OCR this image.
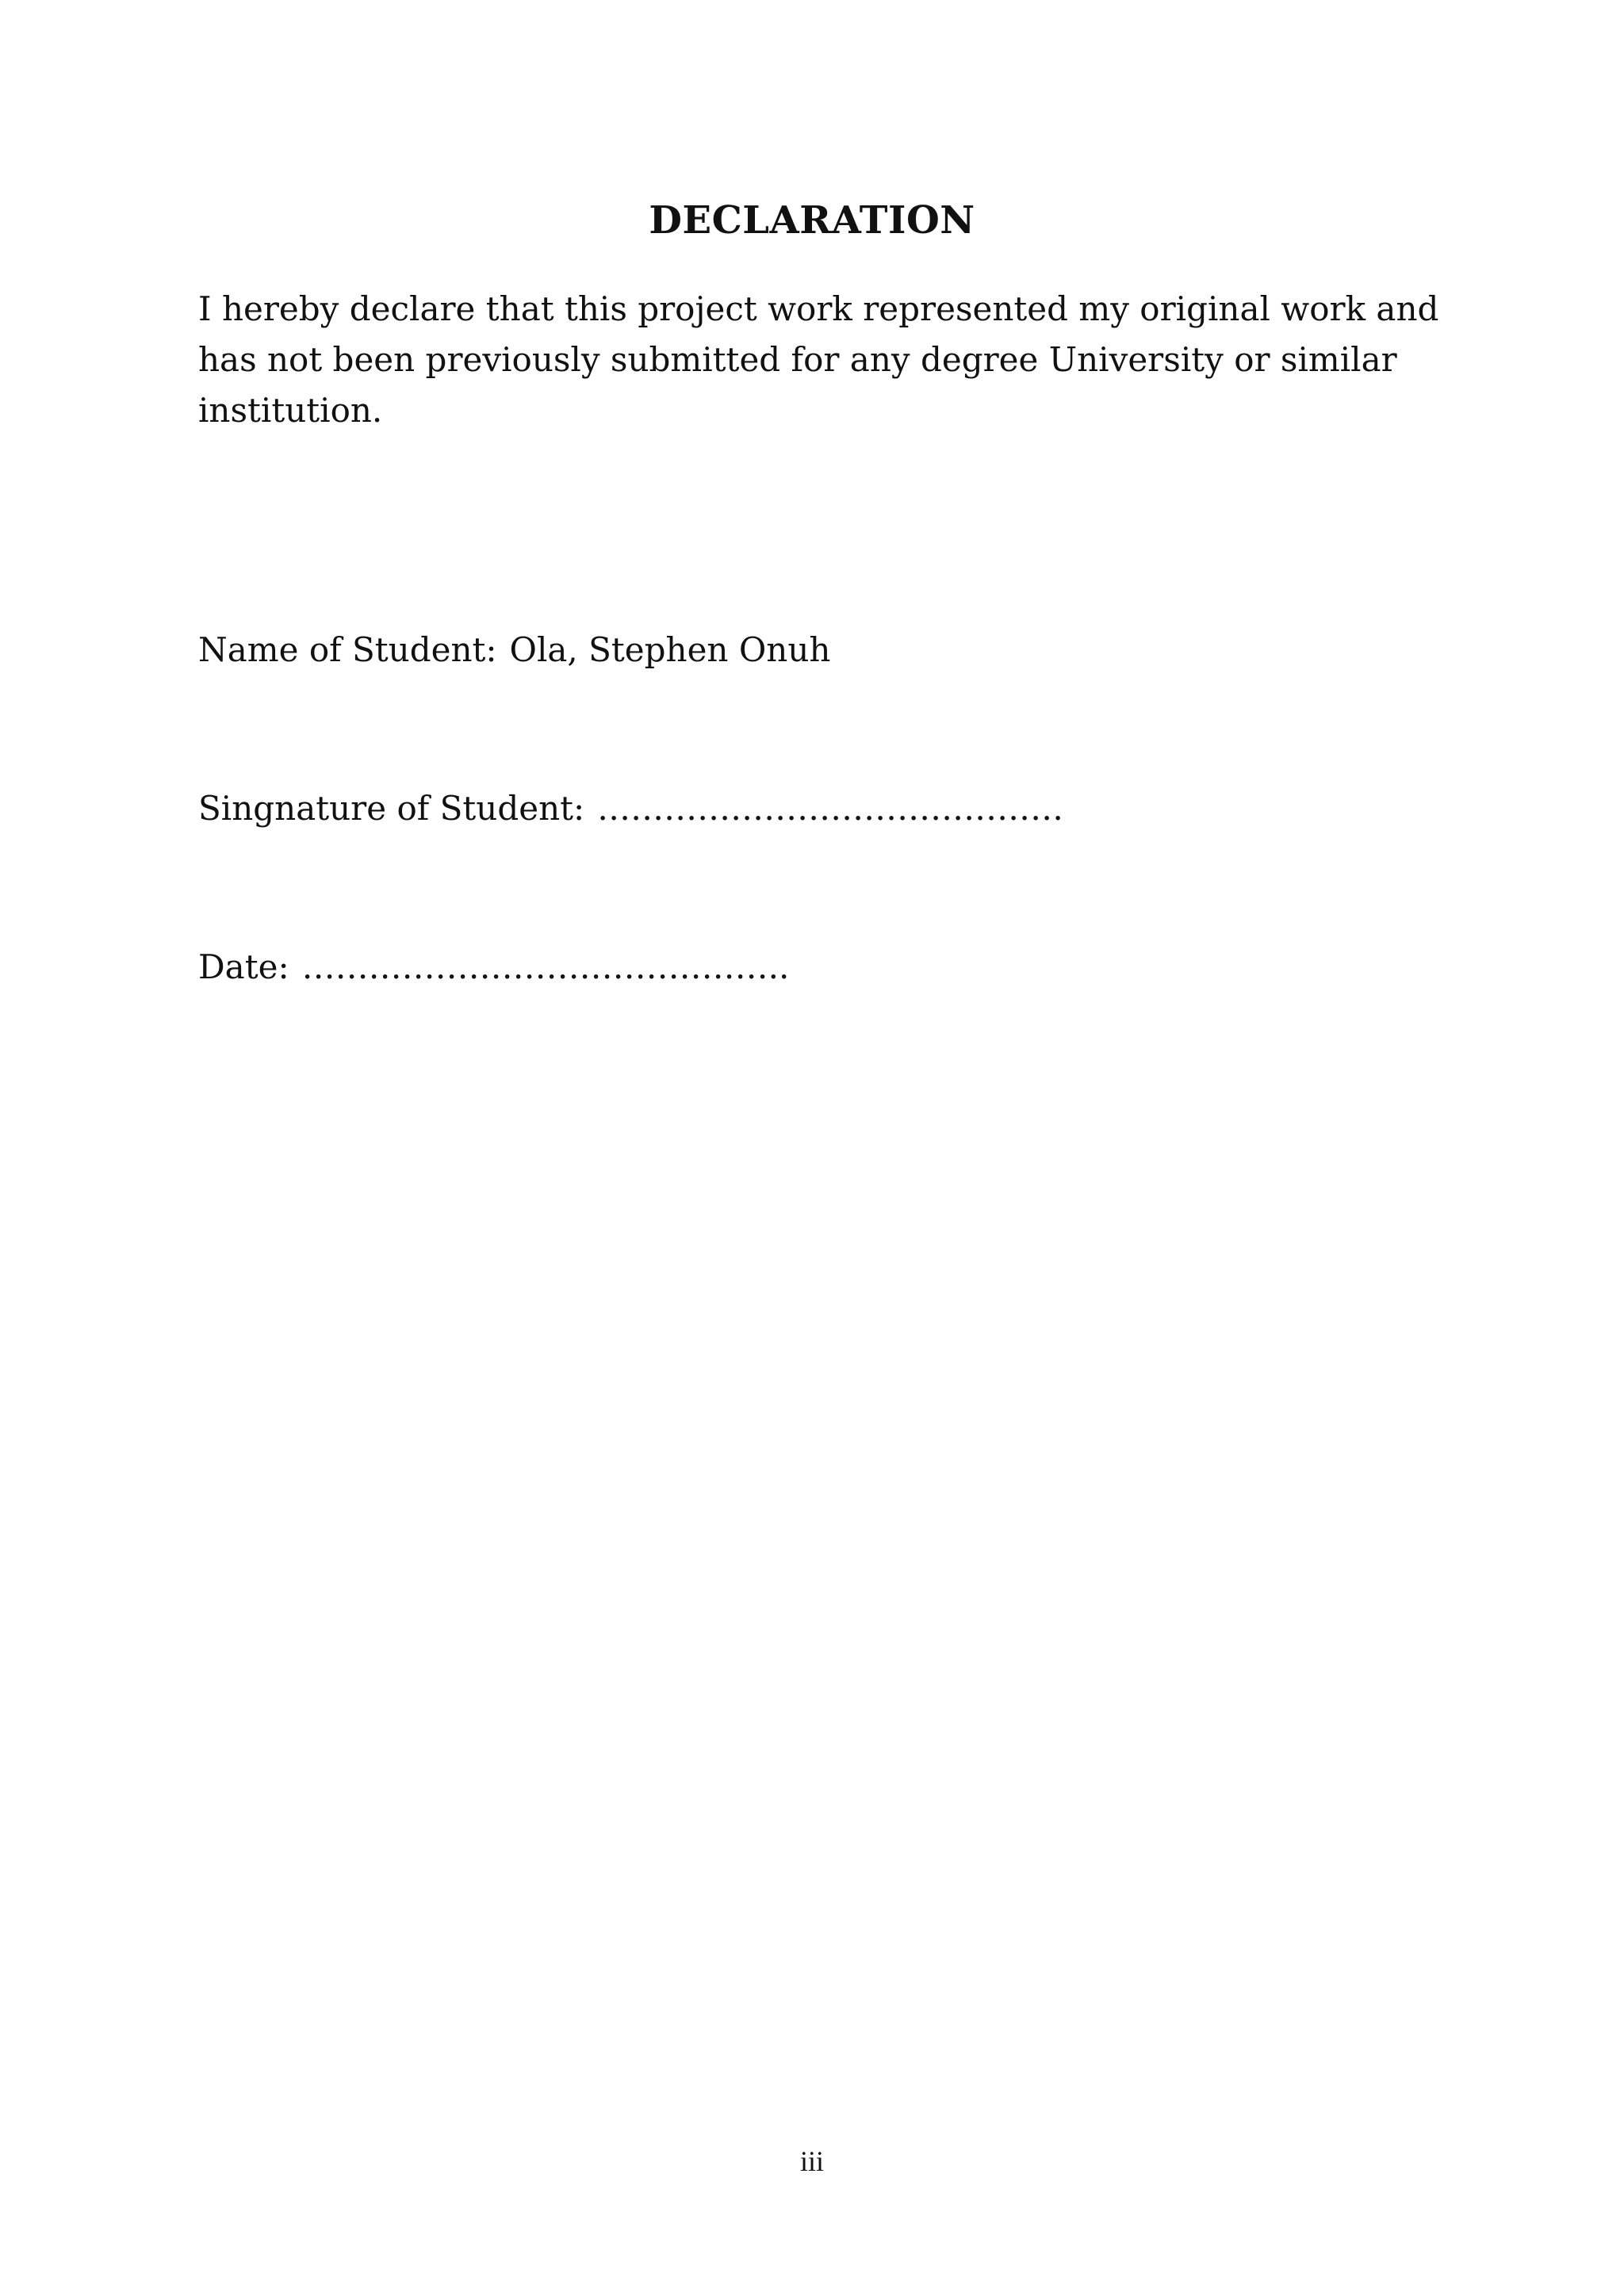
DECLARATION
I hereby declare that this project work represented my original work and
has not been previously submitted for any degree University or similar
institution.
Name of Student: Ola, Stephen Onuh
Singnature of Student: ……………………………………
Date: ……………………………………..
iii
